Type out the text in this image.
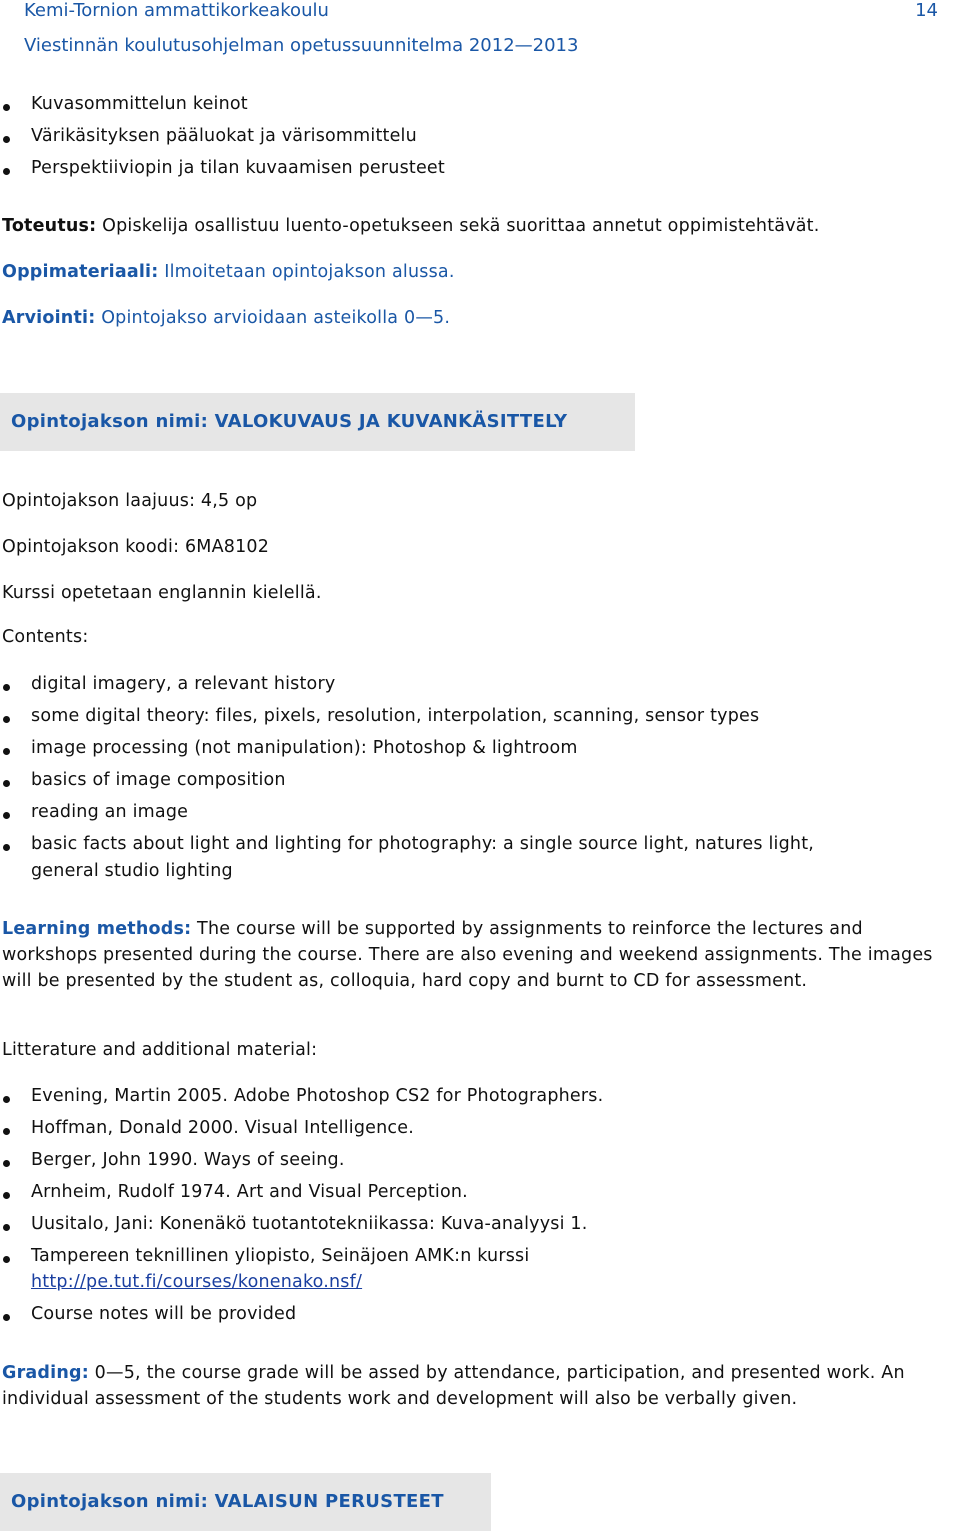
Kemi-Tornion ammattikorkeakoulu	14
Viestinnän koulutusohjelman opetussuunnitelma 2012—2013
Kuvasommittelun keinot
Värikäsityksen pääluokat ja värisommittelu
Perspektiiviopin ja tilan kuvaamisen perusteet
Toteutus: Opiskelija osallistuu luento-opetukseen sekä suorittaa annetut oppimistehtävät.
Oppimateriaali: Ilmoitetaan opintojakson alussa.
Arviointi: Opintojakso arvioidaan asteikolla 0—5.
Opintojakson nimi: VALOKUVAUS JA KUVANKÄSITTELY
Opintojakson laajuus: 4,5 op
Opintojakson koodi: 6MA8102
Kurssi opetetaan englannin kielellä.
Contents:
digital imagery, a relevant history
some digital theory: files, pixels, resolution, interpolation, scanning, sensor types
image processing (not manipulation): Photoshop & lightroom
basics of image composition
reading an image
basic facts about light and lighting for photography: a single source light, natures light,
general studio lighting
Learning methods: The course will be supported by assignments to reinforce the lectures and workshops presented during the course. There are also evening and weekend assignments. The images will be presented by the student as, colloquia, hard copy and burnt to CD for assessment.
Litterature and additional material:
Evening, Martin 2005. Adobe Photoshop CS2 for Photographers.
Hoffman, Donald 2000. Visual Intelligence.
Berger, John 1990. Ways of seeing.
Arnheim, Rudolf 1974. Art and Visual Perception.
Uusitalo, Jani: Konenäkö tuotantotekniikassa: Kuva-analyysi 1.
Tampereen teknillinen yliopisto, Seinäjoen AMK:n kurssi
http://pe.tut.fi/courses/konenako.nsf/
Course notes will be provided
Grading: 0—5, the course grade will be assed by attendance, participation, and presented work. An individual assessment of the students work and development will also be verbally given.
Opintojakson nimi: VALAISUN PERUSTEET
